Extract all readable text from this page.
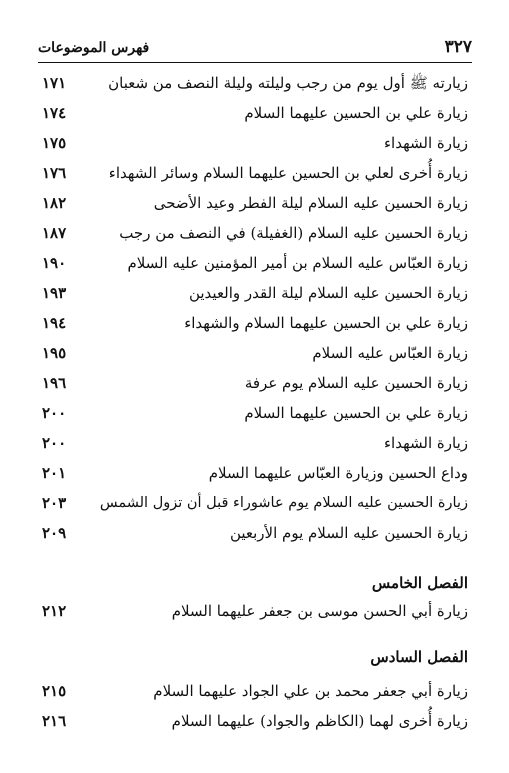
٣٢٧
فهرس الموضوعات
زيارته ﷺ أول يوم من رجب وليلته وليلة النصف من شعبان
١٧١
زيارة علي بن الحسين عليهما السلام
١٧٤
زيارة الشهداء
١٧٥
زيارة أُخرى لعلي بن الحسين عليهما السلام وسائر الشهداء
١٧٦
زيارة الحسين عليه السلام ليلة الفطر وعيد الأضحى
١٨٢
زيارة الحسين عليه السلام (الغفيلة) في النصف من رجب
١٨٧
زيارة العبّاس عليه السلام بن أمير المؤمنين عليه السلام
١٩٠
زيارة الحسين عليه السلام ليلة القدر والعيدين
١٩٣
زيارة علي بن الحسين عليهما السلام والشهداء
١٩٤
زيارة العبّاس عليه السلام
١٩٥
زيارة الحسين عليه السلام يوم عرفة
١٩٦
زيارة علي بن الحسين عليهما السلام
٢٠٠
زيارة الشهداء
٢٠٠
وداع الحسين وزيارة العبّاس عليهما السلام
٢٠١
زيارة الحسين عليه السلام يوم عاشوراء قبل أن تزول الشمس
٢٠٣
زيارة الحسين عليه السلام يوم الأربعين
٢٠٩
الفصل الخامس
زيارة أبي الحسن موسى بن جعفر عليهما السلام
٢١٢
الفصل السادس
زيارة أبي جعفر محمد بن علي الجواد عليهما السلام
٢١٥
زيارة أُخرى لهما (الكاظم والجواد) عليهما السلام
٢١٦
